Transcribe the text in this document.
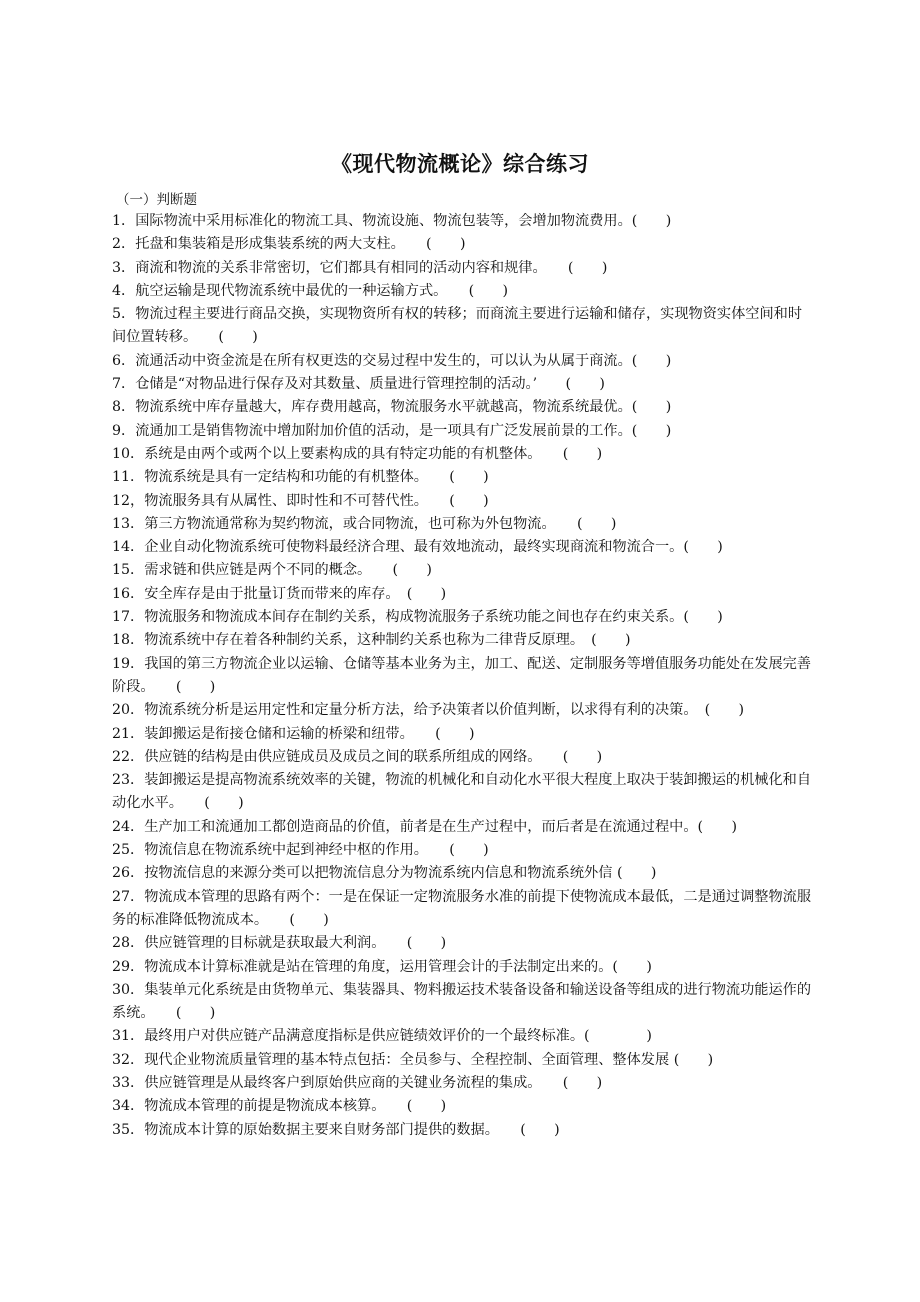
《现代物流概论》综合练习
（一）判断题

1．国际物流中采用标准化的物流工具、物流设施、物流包装等，会增加物流费用。(　　)

2．托盘和集装箱是形成集装系统的两大支柱。　　(　　)

3．商流和物流的关系非常密切，它们都具有相同的活动内容和规律。　　(　　)

4．航空运输是现代物流系统中最优的一种运输方式。　　(　　)

5．物流过程主要进行商品交换，实现物资所有权的转移；而商流主要进行运输和储存，实现物资实体空间和时间位置转移。　　(　　)

6．流通活动中资金流是在所有权更迭的交易过程中发生的，可以认为从属于商流。(　　)

7．仓储是“对物品进行保存及对其数量、质量进行管理控制的活动。’　　(　　)

8．物流系统中库存量越大，库存费用越高，物流服务水平就越高，物流系统最优。(　　)

9．流通加工是销售物流中增加附加价值的活动，是一项具有广泛发展前景的工作。(　　)

10．系统是由两个或两个以上要素构成的具有特定功能的有机整体。　　(　　)

11．物流系统是具有一定结构和功能的有机整体。　　(　　)

12，物流服务具有从属性、即时性和不可替代性。　　(　　)

13．第三方物流通常称为契约物流，或合同物流，也可称为外包物流。　　(　　)

14．企业自动化物流系统可使物料最经济合理、最有效地流动，最终实现商流和物流合一。(　　)

15．需求链和供应链是两个不同的概念。　　(　　)

16．安全库存是由于批量订货而带来的库存。　(　　)

17．物流服务和物流成本间存在制约关系，构成物流服务子系统功能之间也存在约束关系。(　　)

18．物流系统中存在着各种制约关系，这种制约关系也称为二律背反原理。　(　　)

19．我国的第三方物流企业以运输、仓储等基本业务为主，加工、配送、定制服务等增值服务功能处在发展完善阶段。　　(　　)

20．物流系统分析是运用定性和定量分析方法，给予决策者以价值判断，以求得有利的决策。　(　　)

21．装卸搬运是衔接仓储和运输的桥梁和纽带。　　(　　)

22．供应链的结构是由供应链成员及成员之间的联系所组成的网络。　　(　　)

23．装卸搬运是提高物流系统效率的关键，物流的机械化和自动化水平很大程度上取决于装卸搬运的机械化和自动化水平。　　(　　)

24．生产加工和流通加工都创造商品的价值，前者是在生产过程中，而后者是在流通过程中。(　　)

25．物流信息在物流系统中起到神经中枢的作用。　　(　　)

26．按物流信息的来源分类可以把物流信息分为物流系统内信息和物流系统外信 (　　)

27．物流成本管理的思路有两个：一是在保证一定物流服务水准的前提下使物流成本最低，二是通过调整物流服务的标准降低物流成本。　　(　　)

28．供应链管理的目标就是获取最大利润。　　(　　)

29．物流成本计算标准就是站在管理的角度，运用管理会计的手法制定出来的。(　　)

30．集装单元化系统是由货物单元、集装器具、物料搬运技术装备设备和输送设备等组成的进行物流功能运作的系统。　　(　　)

31．最终用户对供应链产品满意度指标是供应链绩效评价的一个最终标准。(　　　　)

32．现代企业物流质量管理的基本特点包括：全员参与、全程控制、全面管理、整体发展 (　　)

33．供应链管理是从最终客户到原始供应商的关键业务流程的集成。　　(　　)

34．物流成本管理的前提是物流成本核算。　　(　　)

35．物流成本计算的原始数据主要来自财务部门提供的数据。　　(　　)
